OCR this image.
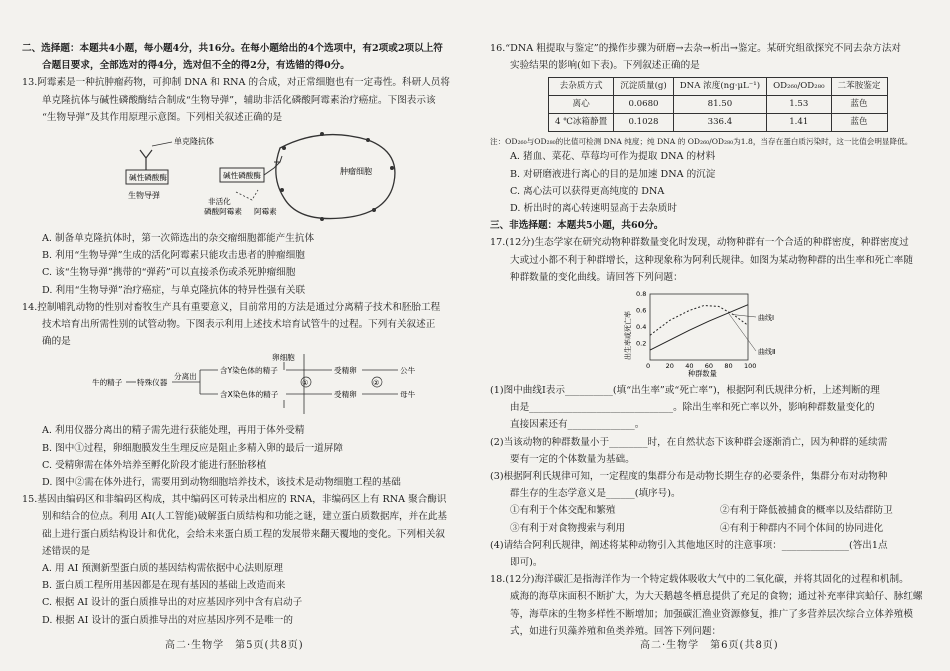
二、选择题：本题共4小题，每小题4分，共16分。在每小题给出的4个选项中，有2项或2项以上符

合题目要求，全部选对的得4分，选对但不全的得2分，有选错的得0分。

13.阿霉素是一种抗肿瘤药物，可抑制 DNA 和 RNA 的合成，对正常细胞也有一定毒性。科研人员将

单克隆抗体与碱性磷酸酶结合制成“生物导弹”，辅助非活化磷酸阿霉素治疗癌症。下图表示该

“生物导弹”及其作用原理示意图。下列相关叙述正确的是

单克隆抗体
碱性磷酸酶
生物导弹
碱性磷酸酶
非活化
磷酸阿霉素 阿霉素
肿瘤细胞

A. 制备单克隆抗体时，第一次筛选出的杂交瘤细胞都能产生抗体

B. 利用“生物导弹”生成的活化阿霉素只能攻击患者的肿瘤细胞

C. 该“生物导弹”携带的“弹药”可以直接杀伤或杀死肿瘤细胞

D. 利用“生物导弹”治疗癌症，与单克隆抗体的特异性强有关联

14.控制哺乳动物的性别对畜牧生产具有重要意义，目前常用的方法是通过分离精子技术和胚胎工程

技术培育出所需性别的试管动物。下图表示利用上述技术培育试管牛的过程。下列有关叙述正

确的是

牛的精子 特殊仪器
分离出
含Y染色体的精子
含X染色体的精子
卵细胞
①
受精卵
受精卵
②
公牛
母牛

A. 利用仪器分离出的精子需先进行获能处理，再用于体外受精

B. 图中①过程，卵细胞膜发生生理反应是阻止多精入卵的最后一道屏障

C. 受精卵需在体外培养至孵化阶段才能进行胚胎移植

D. 图中②需在体外进行，需要用到动物细胞培养技术，该技术是动物细胞工程的基础

15.基因由编码区和非编码区构成，其中编码区可转录出相应的 RNA，非编码区上有 RNA 聚合酶识

别和结合的位点。利用 AI(人工智能)破解蛋白质结构和功能之谜，建立蛋白质数据库，并在此基

础上进行蛋白质结构设计和优化，会给未来蛋白质工程的发展带来翻天覆地的变化。下列相关叙

述错误的是

A. 用 AI 预测新型蛋白质的基因结构需依据中心法则原理

B. 蛋白质工程所用基因都是在现有基因的基础上改造而来

C. 根据 AI 设计的蛋白质推导出的对应基因序列中含有启动子

D. 根据 AI 设计的蛋白质推导出的对应基因序列不是唯一的

16.“DNA 粗提取与鉴定”的操作步骤为研磨→去杂→析出→鉴定。某研究组欲探究不同去杂方法对

实验结果的影响(如下表)。下列叙述正确的是

去杂质方式	沉淀质量(g)	DNA 浓度(ng·μL⁻¹)	OD₂₆₀/OD₂₈₀	二苯胺鉴定
离心	0.0680	81.50	1.53	蓝色
4 ℃冰箱静置	0.1028	336.4	1.41	蓝色

注：OD₂₆₀与OD₂₈₀的比值可检测 DNA 纯度；纯 DNA 的 OD₂₆₀/OD₂₈₀为1.8，当存在蛋白质污染时，这一比值会明显降低。

A. 猪血、菜花、草莓均可作为提取 DNA 的材料

B. 对研磨液进行离心的目的是加速 DNA 的沉淀

C. 离心法可以获得更高纯度的 DNA

D. 析出时的离心转速明显高于去杂质时

三、非选择题：本题共5小题，共60分。

17.(12分)生态学家在研究动物种群数量变化时发现，动物种群有一个合适的种群密度，种群密度过

大或过小都不利于种群增长，这种现象称为阿利氏规律。如图为某动物种群的出生率和死亡率随

种群数量的变化曲线。请回答下列问题：

出生率或死亡率
种群数量
0 20 40 60 80 100
0.2
0.4
0.6
0.8
曲线Ⅰ
曲线Ⅱ

(1)图中曲线Ⅰ表示__________(填“出生率”或“死亡率”)，根据阿利氏规律分析，上述判断的理

由是______________________________。除出生率和死亡率以外，影响种群数量变化的

直接因素还有______________。

(2)当该动物的种群数量小于________时，在自然状态下该种群会逐渐消亡，因为种群的延续需

要有一定的个体数量为基础。

(3)根据阿利氏规律可知，一定程度的集群分布是动物长期生存的必要条件，集群分布对动物种

群生存的生态学意义是______(填序号)。

①有利于个体交配和繁殖	②有利于降低被捕食的概率以及结群防卫
③有利于对食物搜索与利用	④有利于种群内不同个体间的协同进化

(4)请结合阿利氏规律，阐述将某种动物引入其他地区时的注意事项：______________(答出1点

即可)。

18.(12分)海洋碳汇是指海洋作为一个特定载体吸收大气中的二氧化碳，并将其固化的过程和机制。

威海的海草床面积不断扩大，为大天鹅越冬栖息提供了充足的食物；通过补充率律宾蛤仔、脉红螺

等，海草床的生物多样性不断增加；加强碳汇渔业资源修复，推广了多营养层次综合立体养殖模

式，如进行贝藻养殖和鱼类养殖。回答下列问题：

高二·生物学　第5页(共8页)	高二·生物学　第6页(共8页)
